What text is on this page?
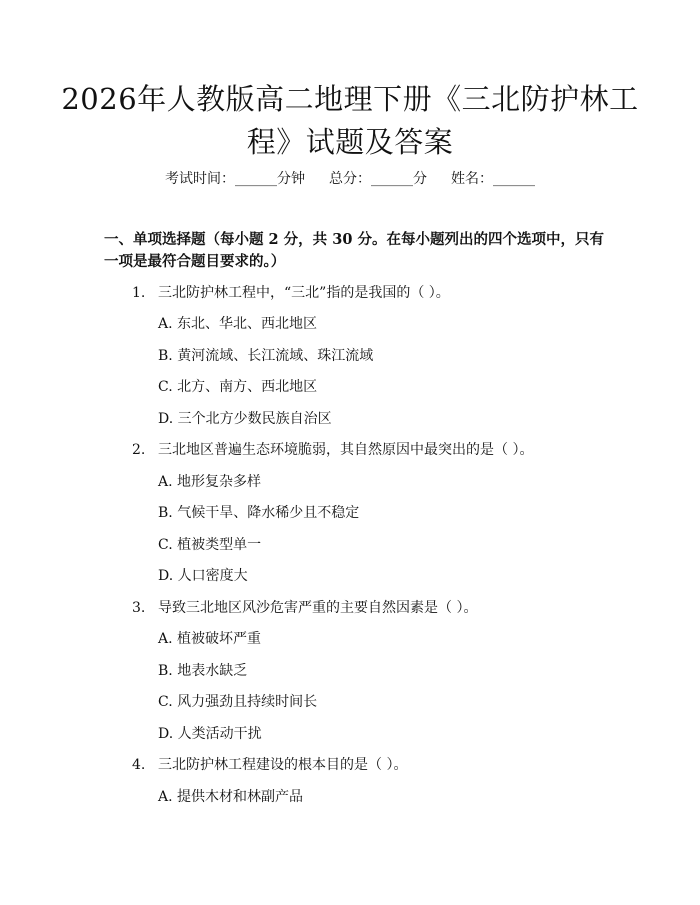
2026年人教版高二地理下册《三北防护林工程》试题及答案
考试时间：______分钟 总分：______分 姓名：______
一、单项选择题（每小题 2 分，共 30 分。在每小题列出的四个选项中，只有一项是最符合题目要求的。）
1. 三北防护林工程中，“三北”指的是我国的（ ）。
A. 东北、华北、西北地区
B. 黄河流域、长江流域、珠江流域
C. 北方、南方、西北地区
D. 三个北方少数民族自治区
2. 三北地区普遍生态环境脆弱，其自然原因中最突出的是（ ）。
A. 地形复杂多样
B. 气候干旱、降水稀少且不稳定
C. 植被类型单一
D. 人口密度大
3. 导致三北地区风沙危害严重的主要自然因素是（ ）。
A. 植被破坏严重
B. 地表水缺乏
C. 风力强劲且持续时间长
D. 人类活动干扰
4. 三北防护林工程建设的根本目的是（ ）。
A. 提供木材和林副产品
